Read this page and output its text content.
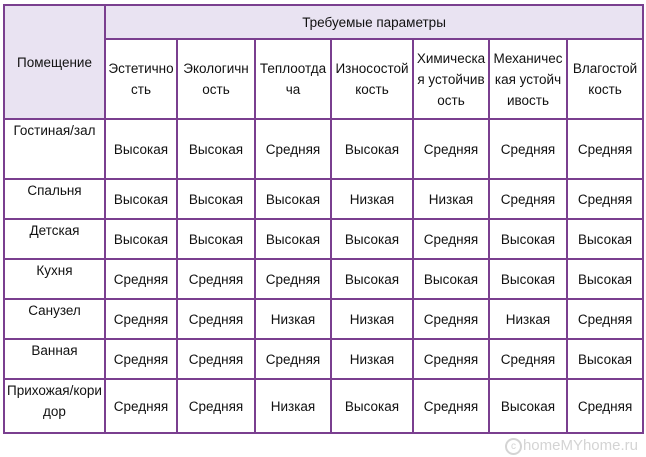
Помещение	Требуемые параметры						
	Эстетичность	Экологичность	Теплоотдача	Износостойкость	Химическая устойчивость	Механическая устойчивость	Влагостойкость
Гостиная/зал	Высокая	Высокая	Средняя	Высокая	Средняя	Средняя	Средняя
Спальня	Высокая	Высокая	Высокая	Низкая	Низкая	Средняя	Средняя
Детская	Высокая	Высокая	Высокая	Высокая	Средняя	Высокая	Высокая
Кухня	Средняя	Средняя	Средняя	Высокая	Высокая	Высокая	Высокая
Санузел	Средняя	Средняя	Низкая	Низкая	Средняя	Низкая	Средняя
Ванная	Средняя	Средняя	Средняя	Низкая	Средняя	Средняя	Высокая
Прихожая/коридор	Средняя	Средняя	Низкая	Высокая	Средняя	Высокая	Средняя
c homeMYhome.ru
